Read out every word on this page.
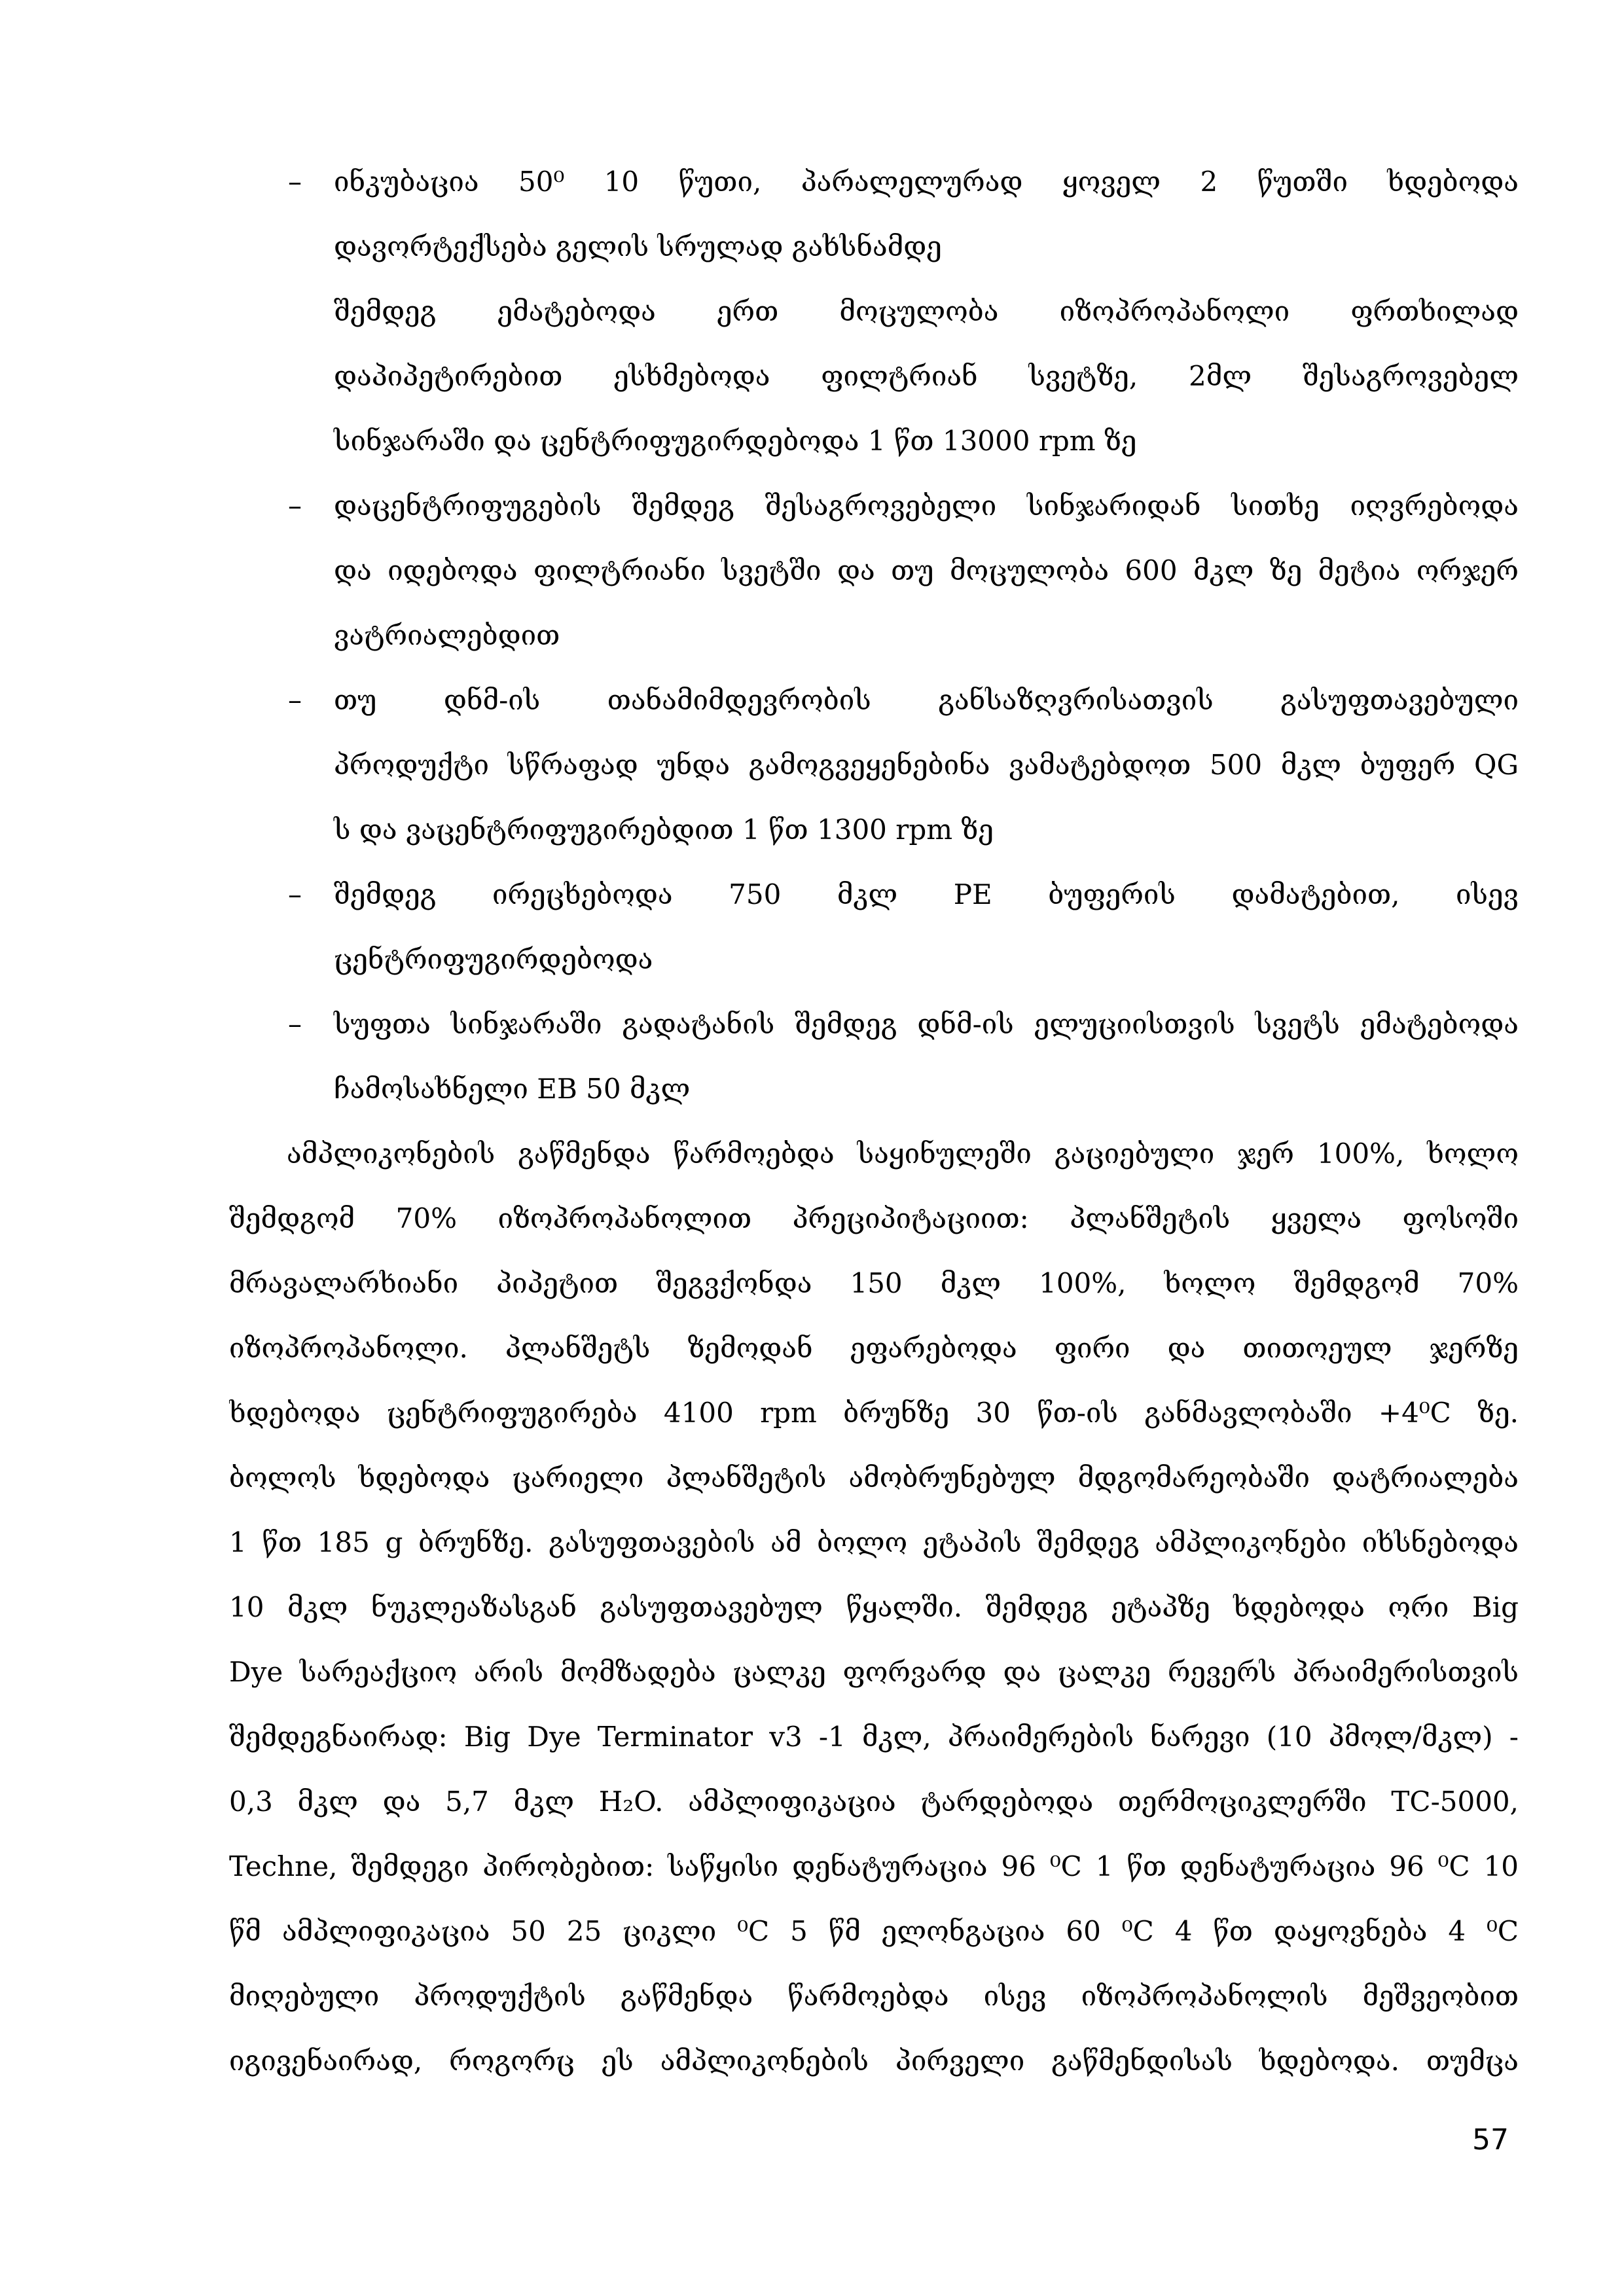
–	ინკუბაცია 50⁰ 10 წუთი, პარალელურად ყოველ 2 წუთში ხდებოდა
დავორტექსება გელის სრულად გახსნამდე
შემდეგ ემატებოდა ერთ მოცულობა იზოპროპანოლი ფრთხილად
დაპიპეტირებით ესხმებოდა ფილტრიან სვეტზე, 2მლ შესაგროვებელ
სინჯარაში და ცენტრიფუგირდებოდა 1 წთ 13000 rpm ზე
–	დაცენტრიფუგების შემდეგ შესაგროვებელი სინჯარიდან სითხე იღვრებოდა
და იდებოდა ფილტრიანი სვეტში და თუ მოცულობა 600 მკლ ზე მეტია ორჯერ
ვატრიალებდით
–	თუ დნმ-ის თანამიმდევრობის განსაზღვრისათვის გასუფთავებული
პროდუქტი სწრაფად უნდა გამოგვეყენებინა ვამატებდოთ 500 მკლ ბუფერ QG
ს და ვაცენტრიფუგირებდით 1 წთ 1300 rpm ზე
–	შემდეგ ირეცხებოდა 750 მკლ PE ბუფერის დამატებით, ისევ
ცენტრიფუგირდებოდა
–	სუფთა სინჯარაში გადატანის შემდეგ დნმ-ის ელუციისთვის სვეტს ემატებოდა
ჩამოსახნელი EB 50 მკლ
ამპლიკონების გაწმენდა წარმოებდა საყინულეში გაციებული ჯერ 100%, ხოლო
შემდგომ 70% იზოპროპანოლით პრეციპიტაციით: პლანშეტის ყველა ფოსოში
მრავალარხიანი პიპეტით შეგვქონდა 150 მკლ 100%, ხოლო შემდგომ 70%
იზოპროპანოლი. პლანშეტს ზემოდან ეფარებოდა ფირი და თითოეულ ჯერზე
ხდებოდა ცენტრიფუგირება 4100 rpm ბრუნზე 30 წთ-ის განმავლობაში +4⁰C ზე.
ბოლოს ხდებოდა ცარიელი პლანშეტის ამობრუნებულ მდგომარეობაში დატრიალება
1 წთ 185 g ბრუნზე. გასუფთავების ამ ბოლო ეტაპის შემდეგ ამპლიკონები იხსნებოდა
10 მკლ ნუკლეაზასგან გასუფთავებულ წყალში. შემდეგ ეტაპზე ხდებოდა ორი Big
Dye სარეაქციო არის მომზადება ცალკე ფორვარდ და ცალკე რევერს პრაიმერისთვის
შემდეგნაირად: Big Dye Terminator v3 -1 მკლ, პრაიმერების ნარევი (10 პმოლ/მკლ) -
0,3 მკლ და 5,7 მკლ H₂O. ამპლიფიკაცია ტარდებოდა თერმოციკლერში TC-5000,
Techne, შემდეგი პირობებით: საწყისი დენატურაცია 96 ⁰C 1 წთ დენატურაცია 96 ⁰C 10
წმ ამპლიფიკაცია 50 25 ციკლი ⁰C 5 წმ ელონგაცია 60 ⁰C 4 წთ დაყოვნება 4 ⁰C
მიღებული პროდუქტის გაწმენდა წარმოებდა ისევ იზოპროპანოლის მეშვეობით
იგივენაირად, როგორც ეს ამპლიკონების პირველი გაწმენდისას ხდებოდა. თუმცა
57
